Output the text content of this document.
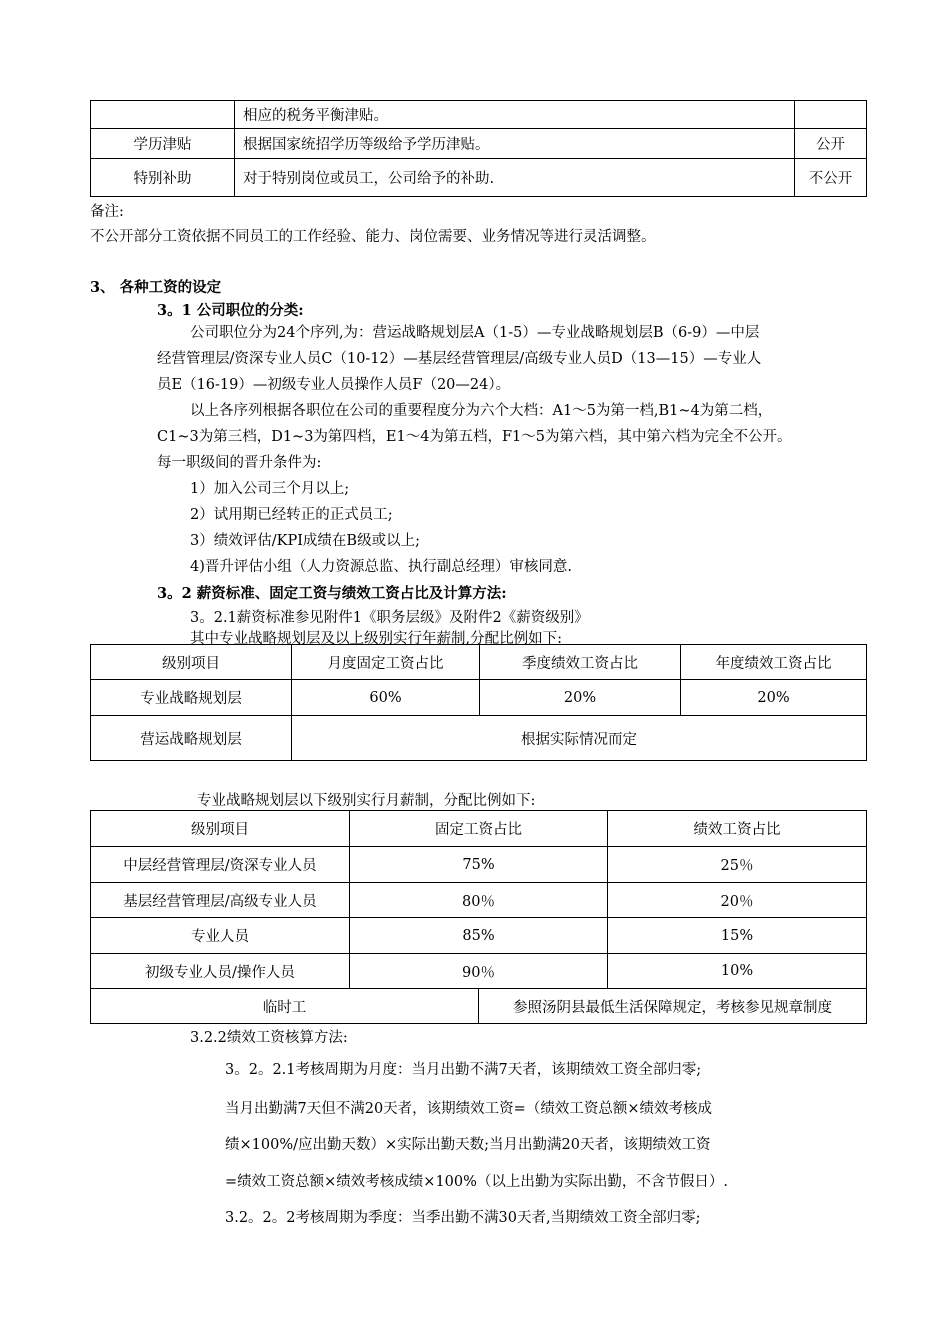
	相应的税务平衡津贴。	
学历津贴	根据国家统招学历等级给予学历津贴。	公开
特别补助	对于特别岗位或员工，公司给予的补助.	不公开
备注:
不公开部分工资依据不同员工的工作经验、能力、岗位需要、业务情况等进行灵活调整。
3、 各种工资的设定
3。1 公司职位的分类:
公司职位分为24个序列,为：营运战略规划层A（1-5）—专业战略规划层B（6-9）—中层
经营管理层/资深专业人员C（10-12）—基层经营管理层/高级专业人员D（13—15）—专业人
员E（16-19）—初级专业人员操作人员F（20—24）。
以上各序列根据各职位在公司的重要程度分为六个大档：A1～5为第一档,B1~4为第二档，
C1~3为第三档，D1~3为第四档，E1～4为第五档，F1～5为第六档，其中第六档为完全不公开。
每一职级间的晋升条件为:
1）加入公司三个月以上;
2）试用期已经转正的正式员工;
3）绩效评估/KPI成绩在B级或以上;
4)晋升评估小组（人力资源总监、执行副总经理）审核同意.
3。2 薪资标准、固定工资与绩效工资占比及计算方法:
3。2.1薪资标准参见附件1《职务层级》及附件2《薪资级别》
其中专业战略规划层及以上级别实行年薪制,分配比例如下:
级别项目	月度固定工资占比	季度绩效工资占比	年度绩效工资占比
专业战略规划层	60%	20%	20%
营运战略规划层	根据实际情况而定		
专业战略规划层以下级别实行月薪制，分配比例如下:
级别项目	固定工资占比		绩效工资占比
中层经营管理层/资深专业人员	75%		25％
基层经营管理层/高级专业人员	80％		20％
专业人员	85%		15%
初级专业人员/操作人员	90％		10%
临时工		参照汤阴县最低生活保障规定，考核参见规章制度	
3.2.2绩效工资核算方法:
3。2。2.1考核周期为月度：当月出勤不满7天者，该期绩效工资全部归零;
当月出勤满7天但不满20天者，该期绩效工资=（绩效工资总额×绩效考核成
绩×100%/应出勤天数）×实际出勤天数;当月出勤满20天者，该期绩效工资
=绩效工资总额×绩效考核成绩×100%（以上出勤为实际出勤，不含节假日）.
3.2。2。2考核周期为季度：当季出勤不满30天者,当期绩效工资全部归零;
